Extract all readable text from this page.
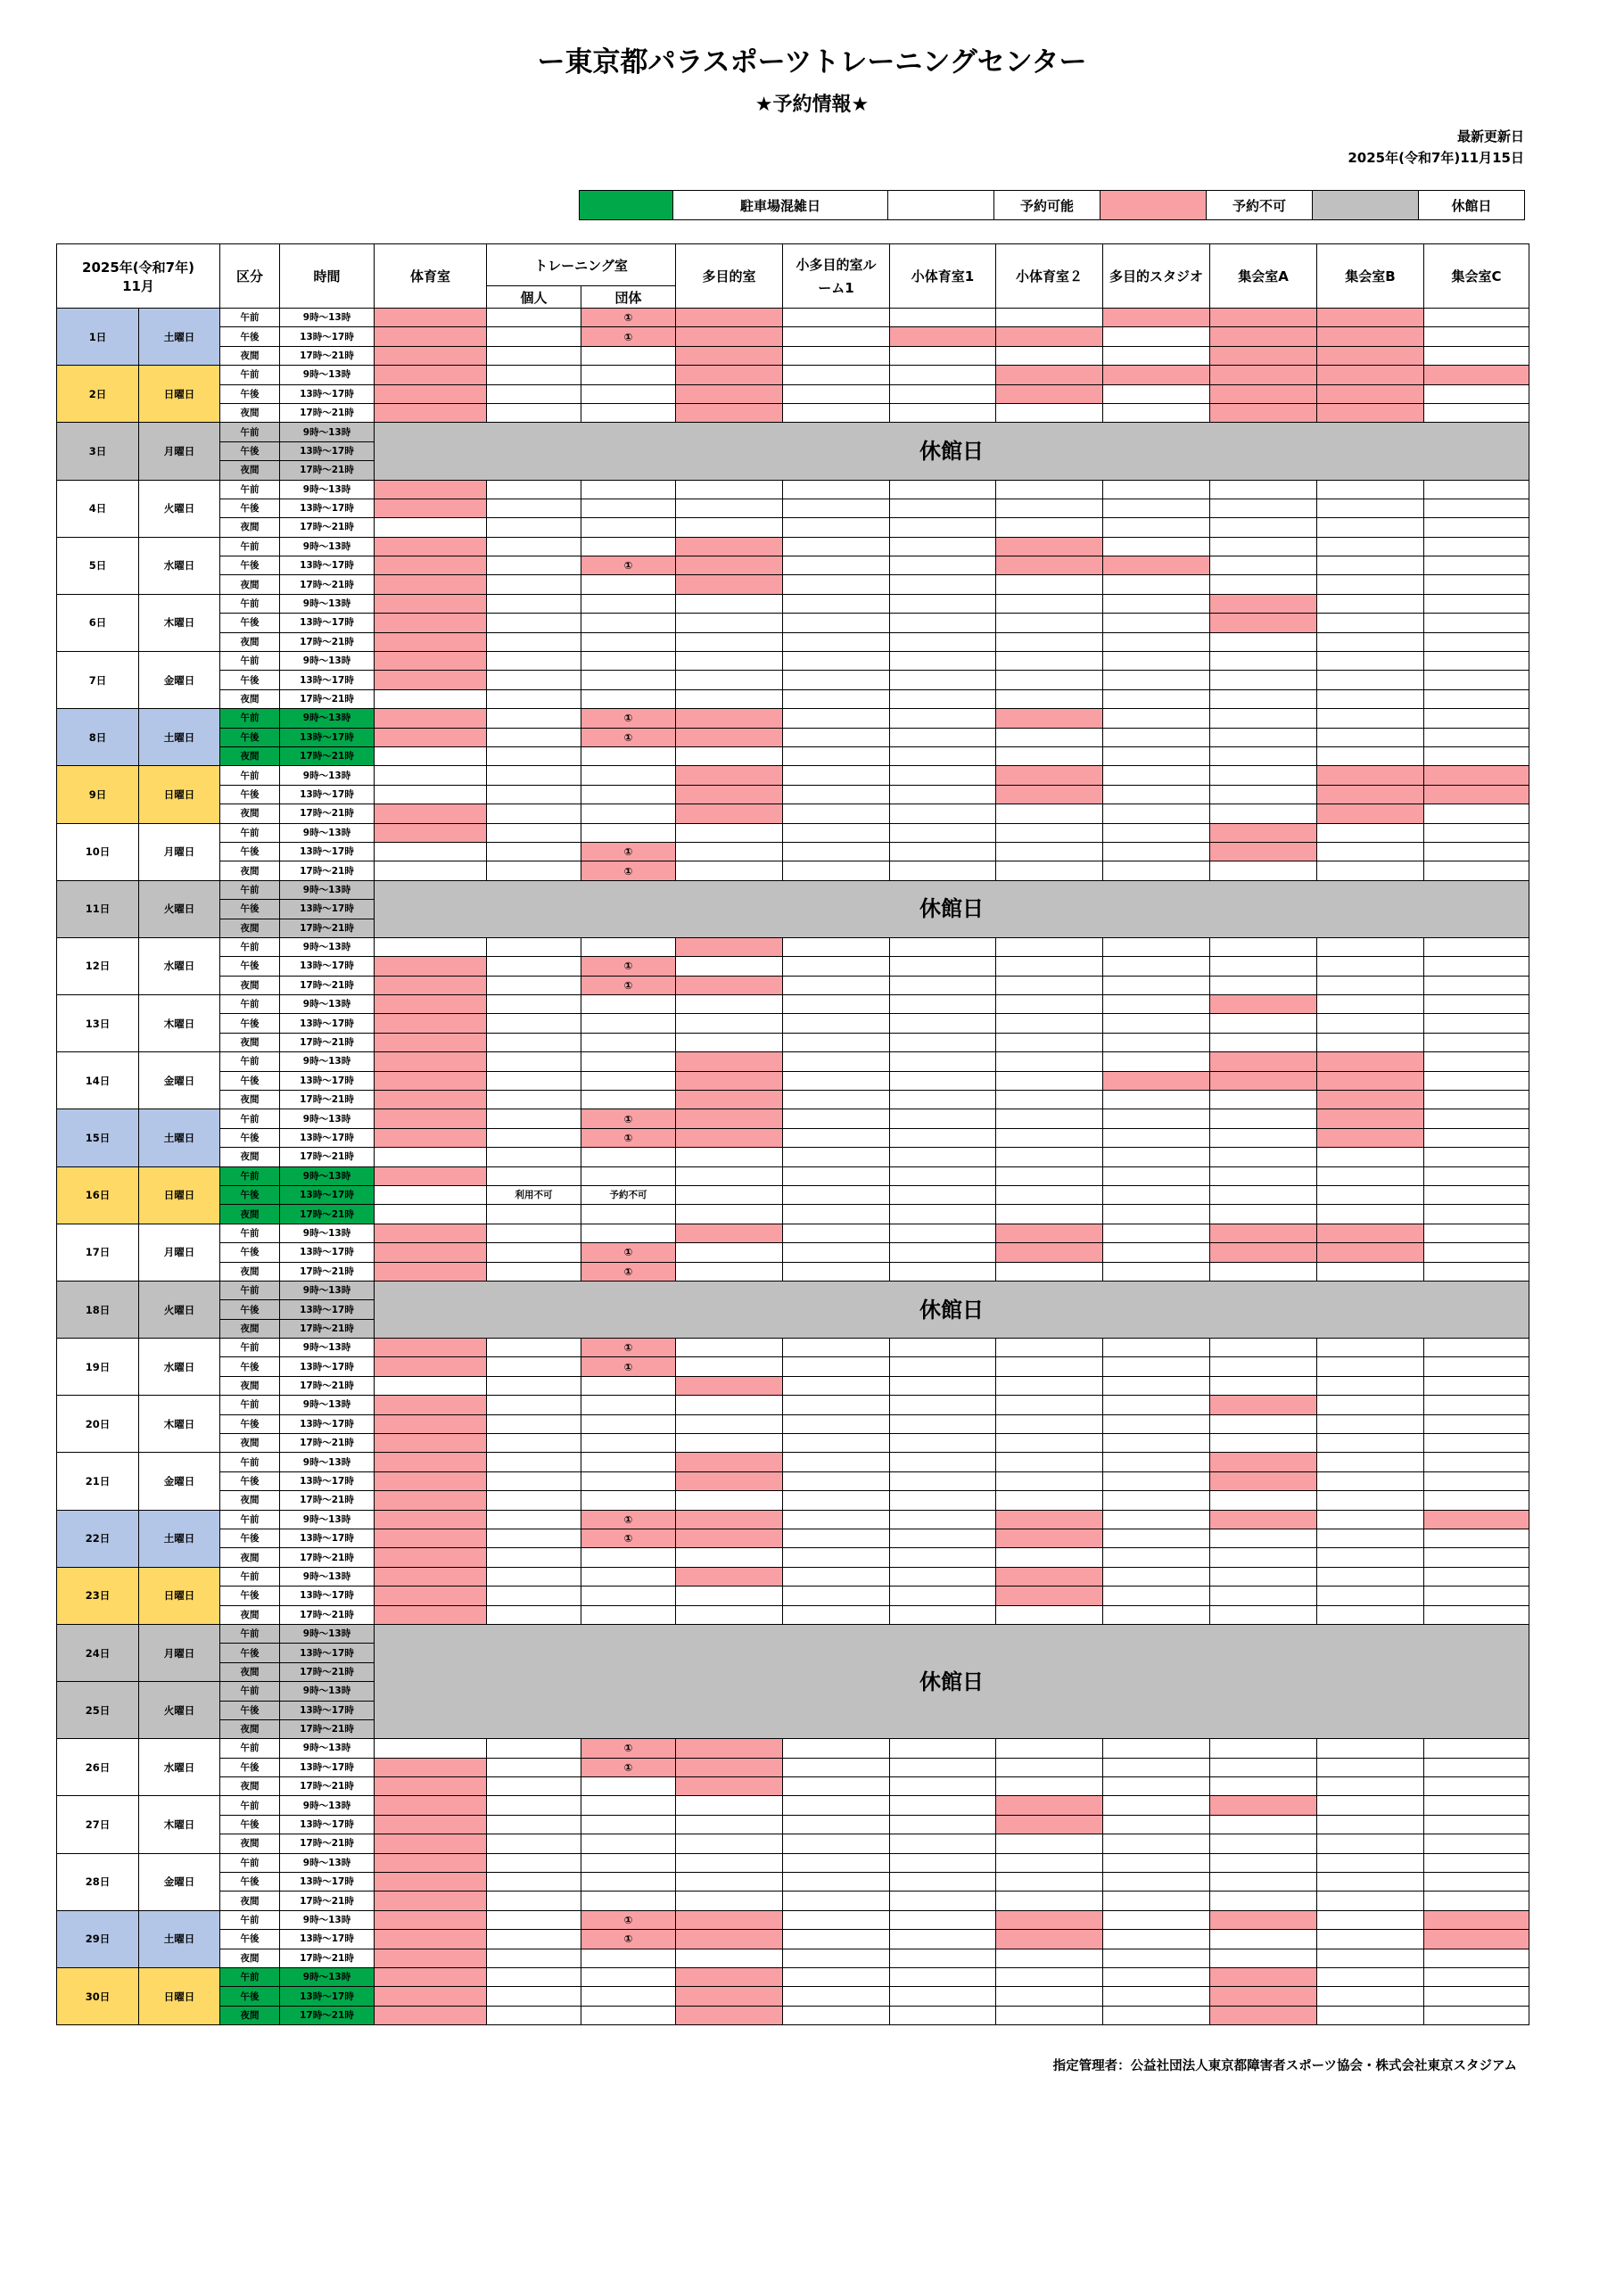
ー東京都パラスポーツトレーニングセンター
★予約情報★
最新更新日
2025年(令和7年)11月15日
	駐車場混雑日		予約可能		予約不可		休館日
2025年(令和7年)
11月		区分	時間	体育室	トレーニング室		多目的室	小多目的室ルーム1	小体育室1	小体育室２	多目的スタジオ	集会室A	集会室B	集会室C
					個人	団体								
1日	土曜日	午前	9時～13時			①								
		午後	13時～17時			①								
		夜間	17時～21時											
2日	日曜日	午前	9時～13時											
		午後	13時～17時											
		夜間	17時～21時											
3日	月曜日	午前	9時～13時	休館日										
		午後	13時～17時											
		夜間	17時～21時											
4日	火曜日	午前	9時～13時											
		午後	13時～17時											
		夜間	17時～21時											
5日	水曜日	午前	9時～13時											
		午後	13時～17時			①								
		夜間	17時～21時											
6日	木曜日	午前	9時～13時											
		午後	13時～17時											
		夜間	17時～21時											
7日	金曜日	午前	9時～13時											
		午後	13時～17時											
		夜間	17時～21時											
8日	土曜日	午前	9時～13時			①								
		午後	13時～17時			①								
		夜間	17時～21時											
9日	日曜日	午前	9時～13時											
		午後	13時～17時											
		夜間	17時～21時											
10日	月曜日	午前	9時～13時											
		午後	13時～17時			①								
		夜間	17時～21時			①								
11日	火曜日	午前	9時～13時	休館日										
		午後	13時～17時											
		夜間	17時～21時											
12日	水曜日	午前	9時～13時											
		午後	13時～17時			①								
		夜間	17時～21時			①								
13日	木曜日	午前	9時～13時											
		午後	13時～17時											
		夜間	17時～21時											
14日	金曜日	午前	9時～13時											
		午後	13時～17時											
		夜間	17時～21時											
15日	土曜日	午前	9時～13時			①								
		午後	13時～17時			①								
		夜間	17時～21時											
16日	日曜日	午前	9時～13時											
		午後	13時～17時		利用不可	予約不可								
		夜間	17時～21時											
17日	月曜日	午前	9時～13時											
		午後	13時～17時			①								
		夜間	17時～21時			①								
18日	火曜日	午前	9時～13時	休館日										
		午後	13時～17時											
		夜間	17時～21時											
19日	水曜日	午前	9時～13時			①								
		午後	13時～17時			①								
		夜間	17時～21時											
20日	木曜日	午前	9時～13時											
		午後	13時～17時											
		夜間	17時～21時											
21日	金曜日	午前	9時～13時											
		午後	13時～17時											
		夜間	17時～21時											
22日	土曜日	午前	9時～13時			①								
		午後	13時～17時			①								
		夜間	17時～21時											
23日	日曜日	午前	9時～13時											
		午後	13時～17時											
		夜間	17時～21時											
24日	月曜日	午前	9時～13時	休館日										
		午後	13時～17時											
		夜間	17時～21時											
25日	火曜日	午前	9時～13時											
		午後	13時～17時											
		夜間	17時～21時											
26日	水曜日	午前	9時～13時			①								
		午後	13時～17時			①								
		夜間	17時～21時											
27日	木曜日	午前	9時～13時											
		午後	13時～17時											
		夜間	17時～21時											
28日	金曜日	午前	9時～13時											
		午後	13時～17時											
		夜間	17時～21時											
29日	土曜日	午前	9時～13時			①								
		午後	13時～17時			①								
		夜間	17時～21時											
30日	日曜日	午前	9時～13時											
		午後	13時～17時											
		夜間	17時～21時											
指定管理者：公益社団法人東京都障害者スポーツ協会・株式会社東京スタジアム
